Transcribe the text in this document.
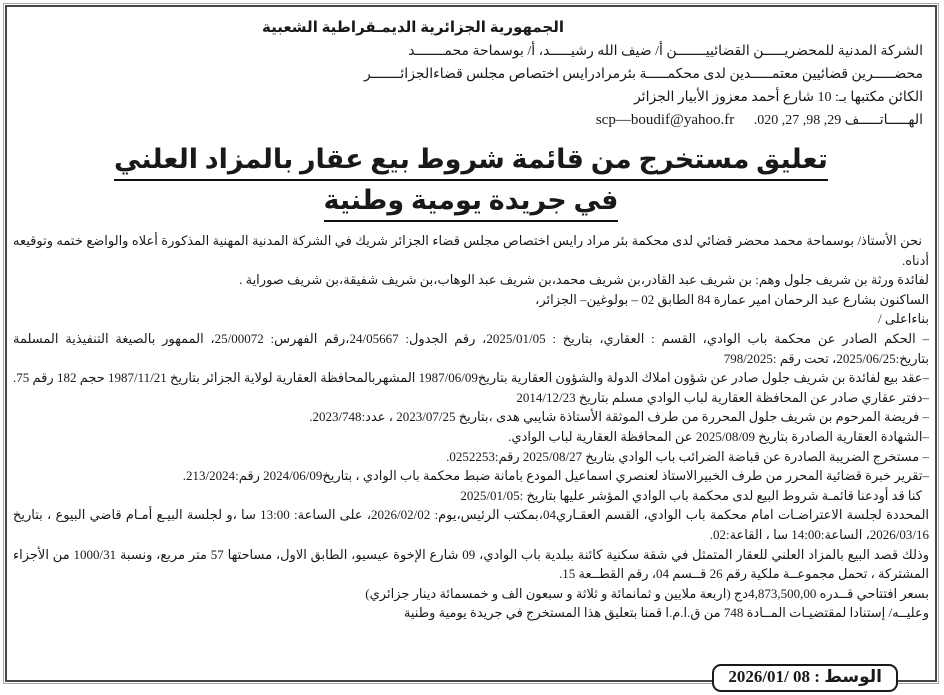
الجمهورية الجزائرية الديمـقراطية الشعبية
الشركة المدنية للمحضريـــــن القضائييـــــــن أ/ ضيف الله رشيـــــد، أ/ بوسماحة محمـــــــد
محضـــــرين قضائيين معتمـــــدين لدى محكمـــــة بئرمرادرايس اختصاص مجلس قضاءالجزائـــــــر
الكائن مكتبها بـ: 10 شارع أحمد معزوز الأبيار الجزائر
الهـــــاتـــــف 29, 98, 27, 020. scp—boudif@yahoo.fr
تعليق مستخرج من قائمة شروط بيع عقار بالمزاد العلني
في جريدة يومية وطنية

نحن الأستاذ/ بوسماحة محمد محضر قضائي لدى محكمة بئر مراد رايس اختصاص مجلس قضاء الجزائر شريك في الشركة المدنية المهنية المذكورة أعلاه والواضع ختمه وتوقيعه أدناه.

لفائدة ورثة بن شريف جلول وهم: بن شريف عبد القادر،بن شريف محمد،بن شريف عبد الوهاب،بن شريف شفيقة،بن شريف صوراية .

الساكنون بشارع عبد الرحمان امير عمارة 84 الطابق 02 – بولوغين– الجزائر،

بناءاعلى /

– الحكم الصادر عن محكمة باب الوادي، القسم : العقاري، بتاريخ : 2025/01/05، رقم الجدول: 24/05667،رقم الفهرس: 25/00072، الممهور بالصيغة التنفيذية المسلمة بتاريخ:2025/06/25، تحت رقم :798/2025

–عقد بيع لفائدة بن شريف جلول صادر عن شؤون املاك الدولة والشؤون العقارية بتاريخ1987/06/09 المشهربالمحافظة العقارية لولاية الجزائر بتاريخ 1987/11/21 حجم 182 رقم 75.

–دفتر عقاري صادر عن المحافظة العقارية لباب الوادي مسلم بتاريخ 2014/12/23

– فريضة المرحوم بن شريف جلول المحررة من طرف الموثقة الأستاذة شايبي هدى ،بتاريخ 2023/07/25 ، عدد:2023/748.

–الشهادة العقارية الصادرة بتاريخ 2025/08/09 عن المحافظة العقارية لباب الوادي.

– مستخرج الضريبة الصادرة عن قباضة الضرائب باب الوادي بتاريخ 2025/08/27 رقم:0252253.

–تقرير خبرة قضائية المحرر من طرف الخبيرالاستاذ لعنصري اسماعيل المودع بامانة ضبط محكمة باب الوادي ، بتاريخ2024/06/09 رقم:213/2024.

كنا قد أودعنا قائمـة شروط البيع لدى محكمة باب الوادي المؤشر عليها بتاريخ :2025/01/05

المحددة لجلسة الاعتراضـات امام محكمة باب الوادي، القسم العقـاري04،بمكتب الرئيس،يوم: 2026/02/02، على الساعة: 13:00 سا ،و لجلسة البيـع أمـام قاضي البيوع ، بتاريخ 2026/03/16، الساعة:14:00 سا ، القاعة:02.

وذلك قصد البيع بالمزاد العلني للعقار المتمثل في شقة سكنية كائنة ببلدية باب الوادي، 09 شارع الإخوة عيسيو، الطابق الاول، مساحتها 57 متر مربع، ونسبة 1000/31 من الأجزاء المشتركة ، تحمل مجموعــة ملكية رقم 26 قــسم 04، رقم القطــعة 15.

بسعر افتتاحي قــدره 4,873,500,00دج (اربعة ملايين و ثمانمائة و ثلاثة و سبعون الف و خمسمائة دينار جزائري)

وعليــه/ إستنادا لمقتضيـات المــادة 748 من ق.ا.م.ا قمنا بتعليق هذا المستخرج في جريدة يومية وطنية

الوسط : 08 /2026/01
